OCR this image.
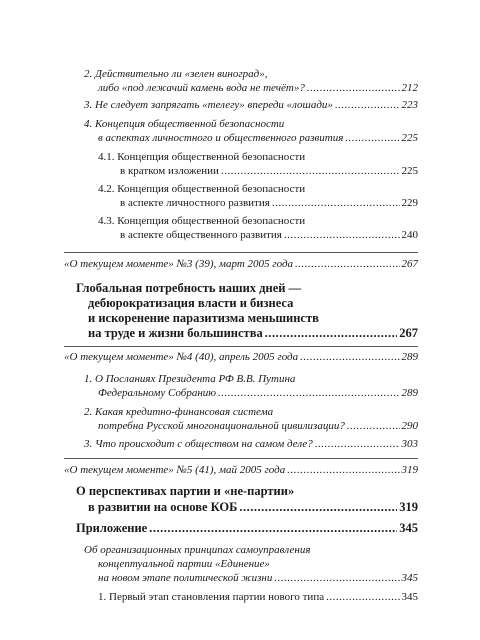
2. Действительно ли «зелен виноград»,
либо «под лежачий камень вода не течёт»? .....	212
3. Не следует запрягать «телегу» впереди «лошади» .....	223
4. Концепция общественной безопасности
в аспектах личностного и общественного развития .....	225
4.1. Концепция общественной безопасности
в кратком изложении .....	225
4.2. Концепция общественной безопасности
в аспекте личностного развития .....	229
4.3. Концепция общественной безопасности
в аспекте общественного развития .....	240
«О текущем моменте» №3 (39), март 2005 года .....	267
Глобальная потребность наших дней —
дебюрократизация власти и бизнеса
и искоренение паразитизма меньшинств
на труде и жизни большинства .....	267
«О текущем моменте» №4 (40), апрель 2005 года .....	289
1. О Посланиях Президента РФ В.В. Путина
Федеральному Собранию .....	289
2. Какая кредитно-финансовая система
потребна Русской многонациональной цивилизации? .....	290
3. Что происходит с обществом на самом деле? .....	303
«О текущем моменте» №5 (41), май 2005 года .....	319
О перспективах партии и «не-партии»
в развитии на основе КОБ .....	319
Приложение .....	345
Об организационных принципах самоуправления
концептуальной партии «Единение»
на новом этапе политической жизни .....	345
1. Первый этап становления партии нового типа .....	345
